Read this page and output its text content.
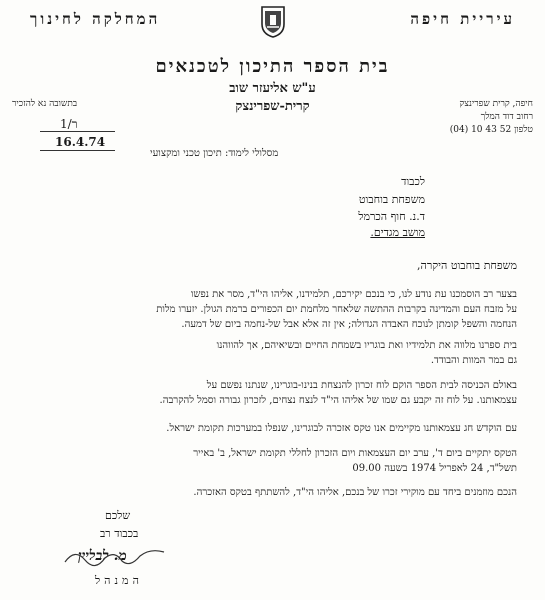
עיריית חיפה
המחלקה לחינוך
בית הספר התיכון לטכנאים
ע"ש אליעזר שוב
קרית-שפרינצק	חיפה, קרית שפרינצק
רחוב דוד המלך
טלפון 52 43 10 (04)
בתשובה נא להזכיר
ר/1
16.4.74
מסלולי לימוד: תיכון טכני ומקצועי
לכבוד
משפחת בוחבוט
ד.נ. חוף הכרמל
מושב מגדים.
משפחת בוחבוט היקרה,
בצער רב הוסמכנו עת נודע לנו, כי בנכם יקירכם, תלמידנו, אליהו הי"ד, מסר את נפשו
על מזבח העם והמדינה בקרבות ההתשה שלאחר מלחמת יום הכפורים ברמת הגולן. יזערו מלות
הנחמה והשפל קומתן לנוכח האבדה הגדולה; אין זה אלא אבל של-נחמה ביום של דמעה.
בית ספרנו מלווה את תלמידיו ואת בוגריו בשמחת החיים ובשיאיהם, אך להווהנו
גם במר המוות והבודד.
באולם הכניסה לבית הספר הוקם לוח זכרון להנצחת בנינו-בוגרינו, שנתנו נפשם על
עצמאותנו. על לוח זה יקבע גם שמו של אליהו הי"ד לנצח נצחים, לזכרון גבורה וסמל להקרבה.
עם הוקדש חג עצמאותנו מקיימים אנו טקס אזכרה לבוגרינו, שנפלו במערכות תקומת ישראל.
הטקס יתקיים ביום ד', ערב יום העצמאות ויום הזכרון לחללי תקומת ישראל, ב' באייר
תשל"ד, 24 לאפריל 1974 בשעה 09.00
הנכם מוזמנים ביחד עם מוקירי זכרו של בנכם, אליהו הי"ד, להשתתף בטקס האזכרה.
שלכם
בכבוד רב
מ. לבליין
המנהל
